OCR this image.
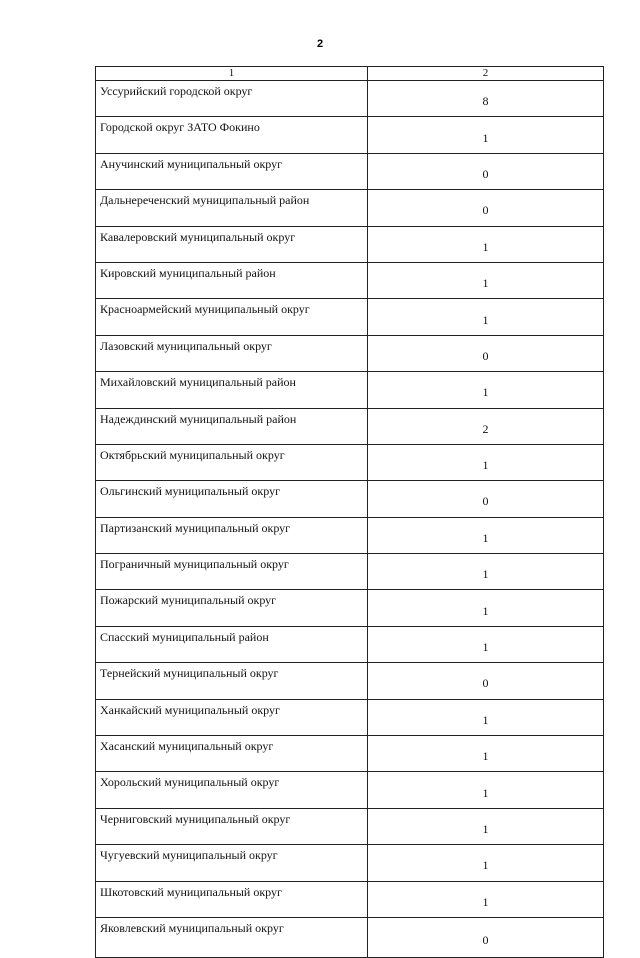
2
1	2
Уссурийский городской округ	8
Городской округ ЗАТО Фокино	1
Анучинский муниципальный округ	0
Дальнереченский муниципальный район	0
Кавалеровский муниципальный округ	1
Кировский муниципальный район	1
Красноармейский муниципальный округ	1
Лазовский муниципальный округ	0
Михайловский муниципальный район	1
Надеждинский муниципальный район	2
Октябрьский муниципальный округ	1
Ольгинский муниципальный округ	0
Партизанский муниципальный округ	1
Пограничный муниципальный округ	1
Пожарский муниципальный округ	1
Спасский муниципальный район	1
Тернейский муниципальный округ	0
Ханкайский муниципальный округ	1
Хасанский муниципальный округ	1
Хорольский муниципальный округ	1
Черниговский муниципальный округ	1
Чугуевский муниципальный округ	1
Шкотовский муниципальный округ	1
Яковлевский муниципальный округ	0
